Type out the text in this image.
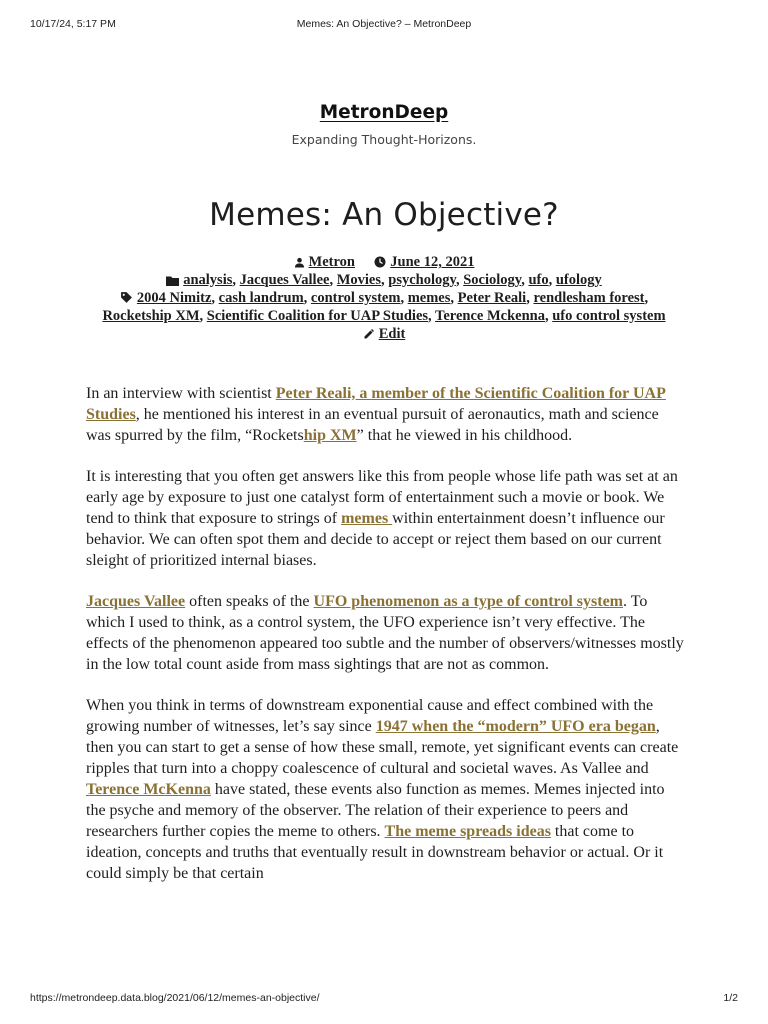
10/17/24, 5:17 PM	Memes: An Objective? – MetronDeep
MetronDeep
Expanding Thought-Horizons.
Memes: An Objective?
Metron June 12, 2021
analysis, Jacques Vallee, Movies, psychology, Sociology, ufo, ufology
2004 Nimitz, cash landrum, control system, memes, Peter Reali, rendlesham forest, Rocketship XM, Scientific Coalition for UAP Studies, Terence Mckenna, ufo control system
Edit

In an interview with scientist Peter Reali, a member of the Scientific Coalition for UAP Studies, he mentioned his interest in an eventual pursuit of aeronautics, math and science was spurred by the film, “Rocketship XM” that he viewed in his childhood.

It is interesting that you often get answers like this from people whose life path was set at an early age by exposure to just one catalyst form of entertainment such a movie or book. We tend to think that exposure to strings of memes within entertainment doesn’t influence our behavior. We can often spot them and decide to accept or reject them based on our current sleight of prioritized internal biases.

Jacques Vallee often speaks of the UFO phenomenon as a type of control system. To which I used to think, as a control system, the UFO experience isn’t very effective. The effects of the phenomenon appeared too subtle and the number of observers/witnesses mostly in the low total count aside from mass sightings that are not as common.

When you think in terms of downstream exponential cause and effect combined with the growing number of witnesses, let’s say since 1947 when the “modern” UFO era began, then you can start to get a sense of how these small, remote, yet significant events can create ripples that turn into a choppy coalescence of cultural and societal waves. As Vallee and Terence McKenna have stated, these events also function as memes. Memes injected into the psyche and memory of the observer. The relation of their experience to peers and researchers further copies the meme to others. The meme spreads ideas that come to ideation, concepts and truths that eventually result in downstream behavior or actual. Or it could simply be that certain

https://metrondeep.data.blog/2021/06/12/memes-an-objective/	1/2
